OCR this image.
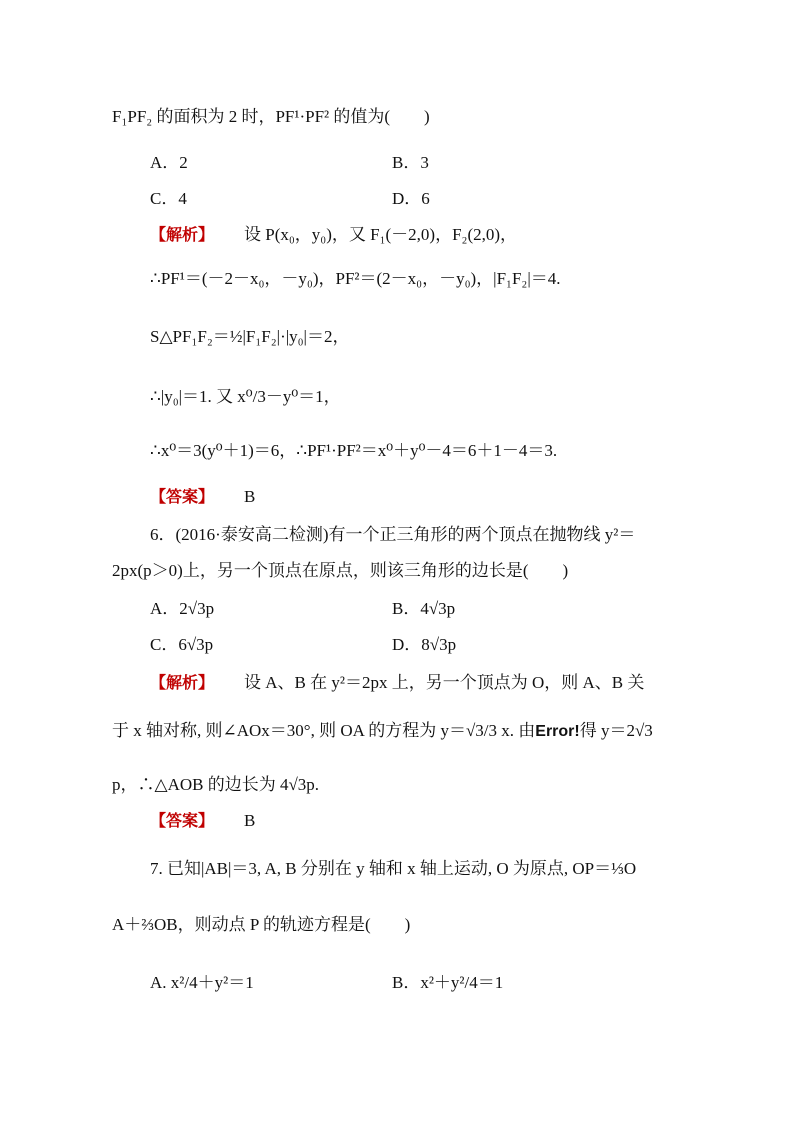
F₁PF₂ 的面积为 2 时，PF¹·PF² 的值为(　　)
A．2	B．3
C．4	D．6
【解析】 设 P(x₀，y₀)，又 F₁(－2,0)，F₂(2,0)，
∴PF¹＝(－2－x₀，－y₀)，PF²＝(2－x₀，－y₀)，|F₁F₂|＝4.
S△PF₁F₂＝½|F₁F₂|·|y₀|＝2，
∴|y₀|＝1. 又 x⁰/3－y⁰＝1，
∴x⁰＝3(y⁰＋1)＝6，∴PF¹·PF²＝x⁰＋y⁰－4＝6＋1－4＝3.
【答案】 B
6．(2016·泰安高二检测)有一个正三角形的两个顶点在抛物线 y²＝
2px(p＞0)上，另一个顶点在原点，则该三角形的边长是(　　)
A．2√3p	B．4√3p
C．6√3p	D．8√3p
【解析】 设 A、B 在 y²＝2px 上，另一个顶点为 O，则 A、B 关
于 x 轴对称, 则∠AOx＝30°, 则 OA 的方程为 y＝√3/3 x. 由Error!得 y＝2√3
p，∴△AOB 的边长为 4√3p.
【答案】 B
7. 已知|AB|＝3, A, B 分别在 y 轴和 x 轴上运动, O 为原点, OP＝⅓O
A＋⅔OB，则动点 P 的轨迹方程是(　　)
A. x²/4＋y²＝1	B．x²＋y²/4＝1
